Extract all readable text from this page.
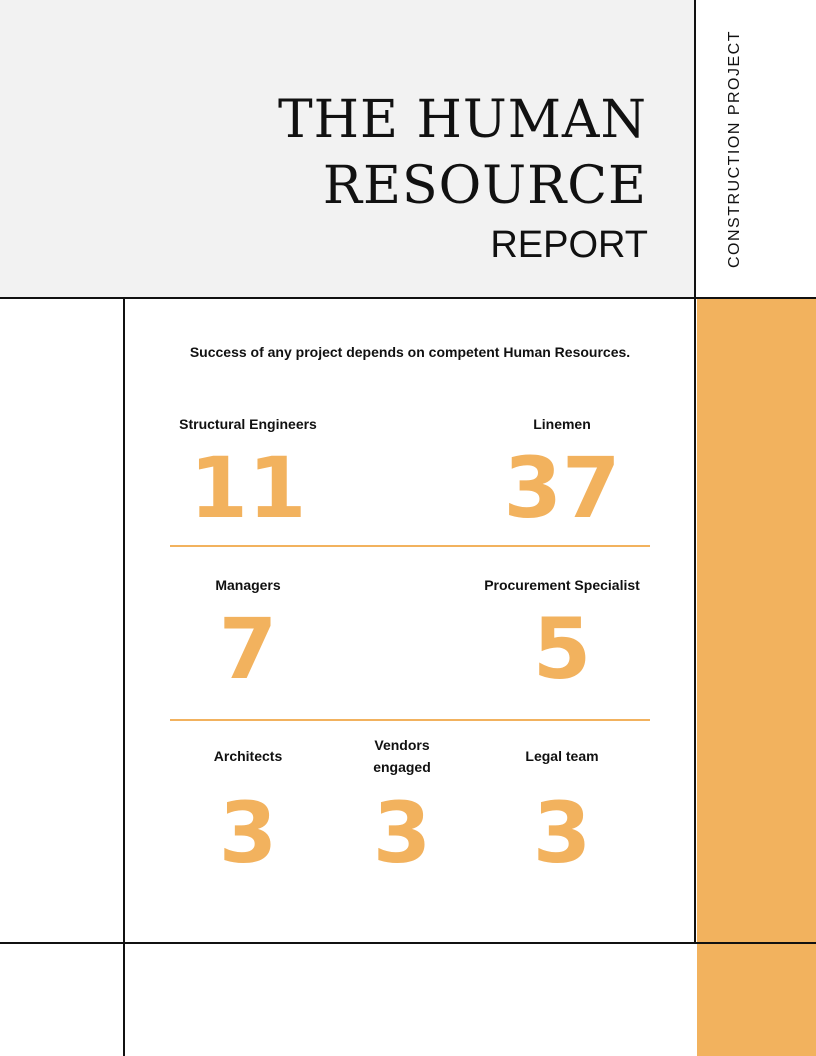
THE HUMAN
RESOURCE
REPORT	CONSTRUCTION PROJECT
Success of any project depends on competent Human Resources.
Structural Engineers
11
Linemen
37
Managers
7
Procurement Specialist
5
Architects
3
Vendors engaged
3
Legal team
3
